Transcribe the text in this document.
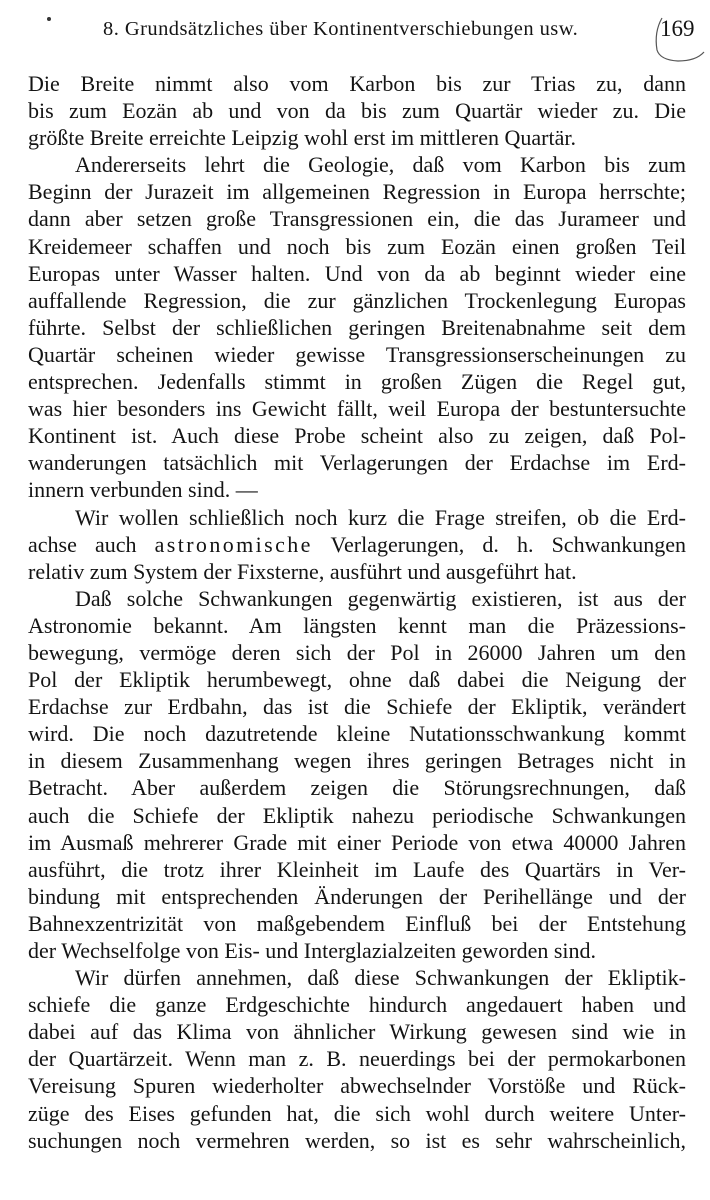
8. Grundsätzliches über Kontinentverschiebungen usw.	169
Die Breite nimmt also vom Karbon bis zur Trias zu, dann
bis zum Eozän ab und von da bis zum Quartär wieder zu. Die
größte Breite erreichte Leipzig wohl erst im mittleren Quartär.
Andererseits lehrt die Geologie, daß vom Karbon bis zum
Beginn der Jurazeit im allgemeinen Regression in Europa herrschte;
dann aber setzen große Transgressionen ein, die das Jurameer und
Kreidemeer schaffen und noch bis zum Eozän einen großen Teil
Europas unter Wasser halten. Und von da ab beginnt wieder eine
auffallende Regression, die zur gänzlichen Trockenlegung Europas
führte. Selbst der schließlichen geringen Breitenabnahme seit dem
Quartär scheinen wieder gewisse Transgressionserscheinungen zu
entsprechen. Jedenfalls stimmt in großen Zügen die Regel gut,
was hier besonders ins Gewicht fällt, weil Europa der bestuntersuchte
Kontinent ist. Auch diese Probe scheint also zu zeigen, daß Pol-
wanderungen tatsächlich mit Verlagerungen der Erdachse im Erd-
innern verbunden sind. —
Wir wollen schließlich noch kurz die Frage streifen, ob die Erd-
achse auch astronomische Verlagerungen, d. h. Schwankungen
relativ zum System der Fixsterne, ausführt und ausgeführt hat.
Daß solche Schwankungen gegenwärtig existieren, ist aus der
Astronomie bekannt. Am längsten kennt man die Präzessions-
bewegung, vermöge deren sich der Pol in 26000 Jahren um den
Pol der Ekliptik herumbewegt, ohne daß dabei die Neigung der
Erdachse zur Erdbahn, das ist die Schiefe der Ekliptik, verändert
wird. Die noch dazutretende kleine Nutationsschwankung kommt
in diesem Zusammenhang wegen ihres geringen Betrages nicht in
Betracht. Aber außerdem zeigen die Störungsrechnungen, daß
auch die Schiefe der Ekliptik nahezu periodische Schwankungen
im Ausmaß mehrerer Grade mit einer Periode von etwa 40000 Jahren
ausführt, die trotz ihrer Kleinheit im Laufe des Quartärs in Ver-
bindung mit entsprechenden Änderungen der Perihellänge und der
Bahnexzentrizität von maßgebendem Einfluß bei der Entstehung
der Wechselfolge von Eis- und Interglazialzeiten geworden sind.
Wir dürfen annehmen, daß diese Schwankungen der Ekliptik-
schiefe die ganze Erdgeschichte hindurch angedauert haben und
dabei auf das Klima von ähnlicher Wirkung gewesen sind wie in
der Quartärzeit. Wenn man z. B. neuerdings bei der permokarbonen
Vereisung Spuren wiederholter abwechselnder Vorstöße und Rück-
züge des Eises gefunden hat, die sich wohl durch weitere Unter-
suchungen noch vermehren werden, so ist es sehr wahrscheinlich,
